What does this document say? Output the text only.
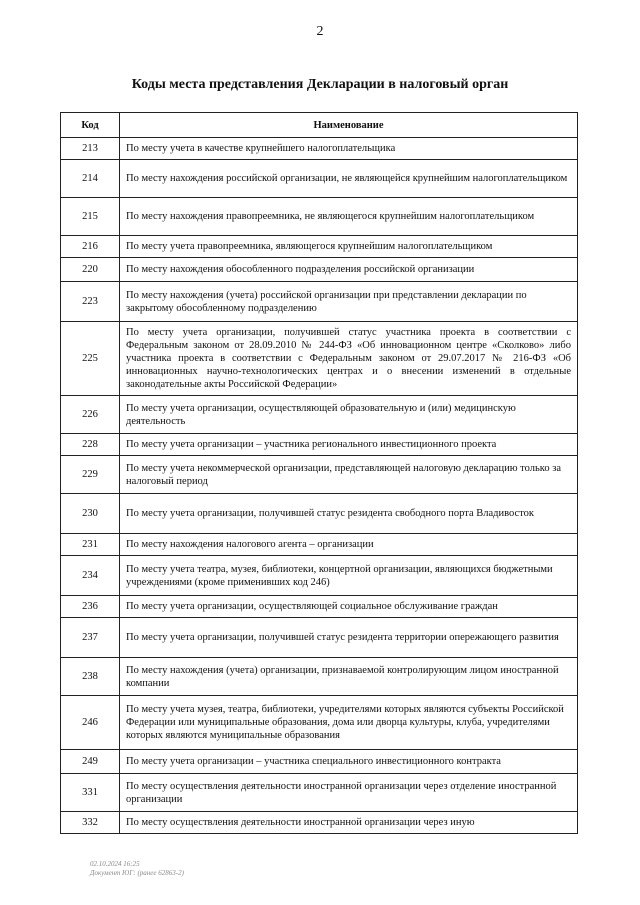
2
Коды места представления Декларации в налоговый орган
Код	Наименование
213	По месту учета в качестве крупнейшего налогоплательщика
214	По месту нахождения российской организации, не являющейся крупнейшим налогоплательщиком
215	По месту нахождения правопреемника, не являющегося крупнейшим налогоплательщиком
216	По месту учета правопреемника, являющегося крупнейшим налогоплательщиком
220	По месту нахождения обособленного подразделения российской организации
223	По месту нахождения (учета) российской организации при представлении декларации по закрытому обособленному подразделению
225	По месту учета организации, получившей статус участника проекта в соответствии с Федеральным законом от 28.09.2010 № 244-ФЗ «Об инновационном центре «Сколково» либо участника проекта в соответствии с Федеральным законом от 29.07.2017 № 216-ФЗ «Об инновационных научно-технологических центрах и о внесении изменений в отдельные законодательные акты Российской Федерации»
226	По месту учета организации, осуществляющей образовательную и (или) медицинскую деятельность
228	По месту учета организации – участника регионального инвестиционного проекта
229	По месту учета некоммерческой организации, представляющей налоговую декларацию только за налоговый период
230	По месту учета организации, получившей статус резидента свободного порта Владивосток
231	По месту нахождения налогового агента – организации
234	По месту учета театра, музея, библиотеки, концертной организации, являющихся бюджетными учреждениями (кроме применивших код 246)
236	По месту учета организации, осуществляющей социальное обслуживание граждан
237	По месту учета организации, получившей статус резидента территории опережающего развития
238	По месту нахождения (учета) организации, признаваемой контролирующим лицом иностранной компании
246	По месту учета музея, театра, библиотеки, учредителями которых являются субъекты Российской Федерации или муниципальные образования, дома или дворца культуры, клуба, учредителями которых являются муниципальные образования
249	По месту учета организации – участника специального инвестиционного контракта
331	По месту осуществления деятельности иностранной организации через отделение иностранной организации
332	По месту осуществления деятельности иностранной организации через иную
02.10.2024 16:25
Документ ЮГ: (ранее 62863-2)
